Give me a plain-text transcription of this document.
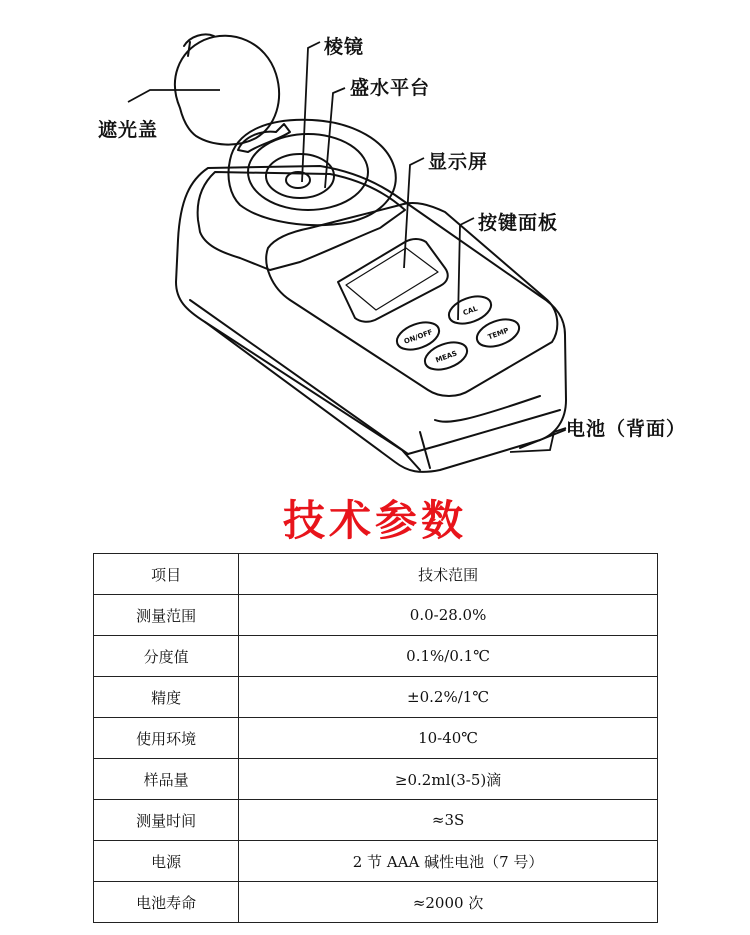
CAL
ON/OFF	TEMP
MEAS
遮光盖
棱镜
盛水平台
显示屏
按键面板
电池（背面）
技术参数
项目	技术范围
测量范围	0.0-28.0%
分度值	0.1%/0.1℃
精度	±0.2%/1℃
使用环境	10-40℃
样品量	≥0.2ml(3-5)滴
测量时间	≈3S
电源	2 节 AAA 碱性电池（7 号）
电池寿命	≈2000 次
